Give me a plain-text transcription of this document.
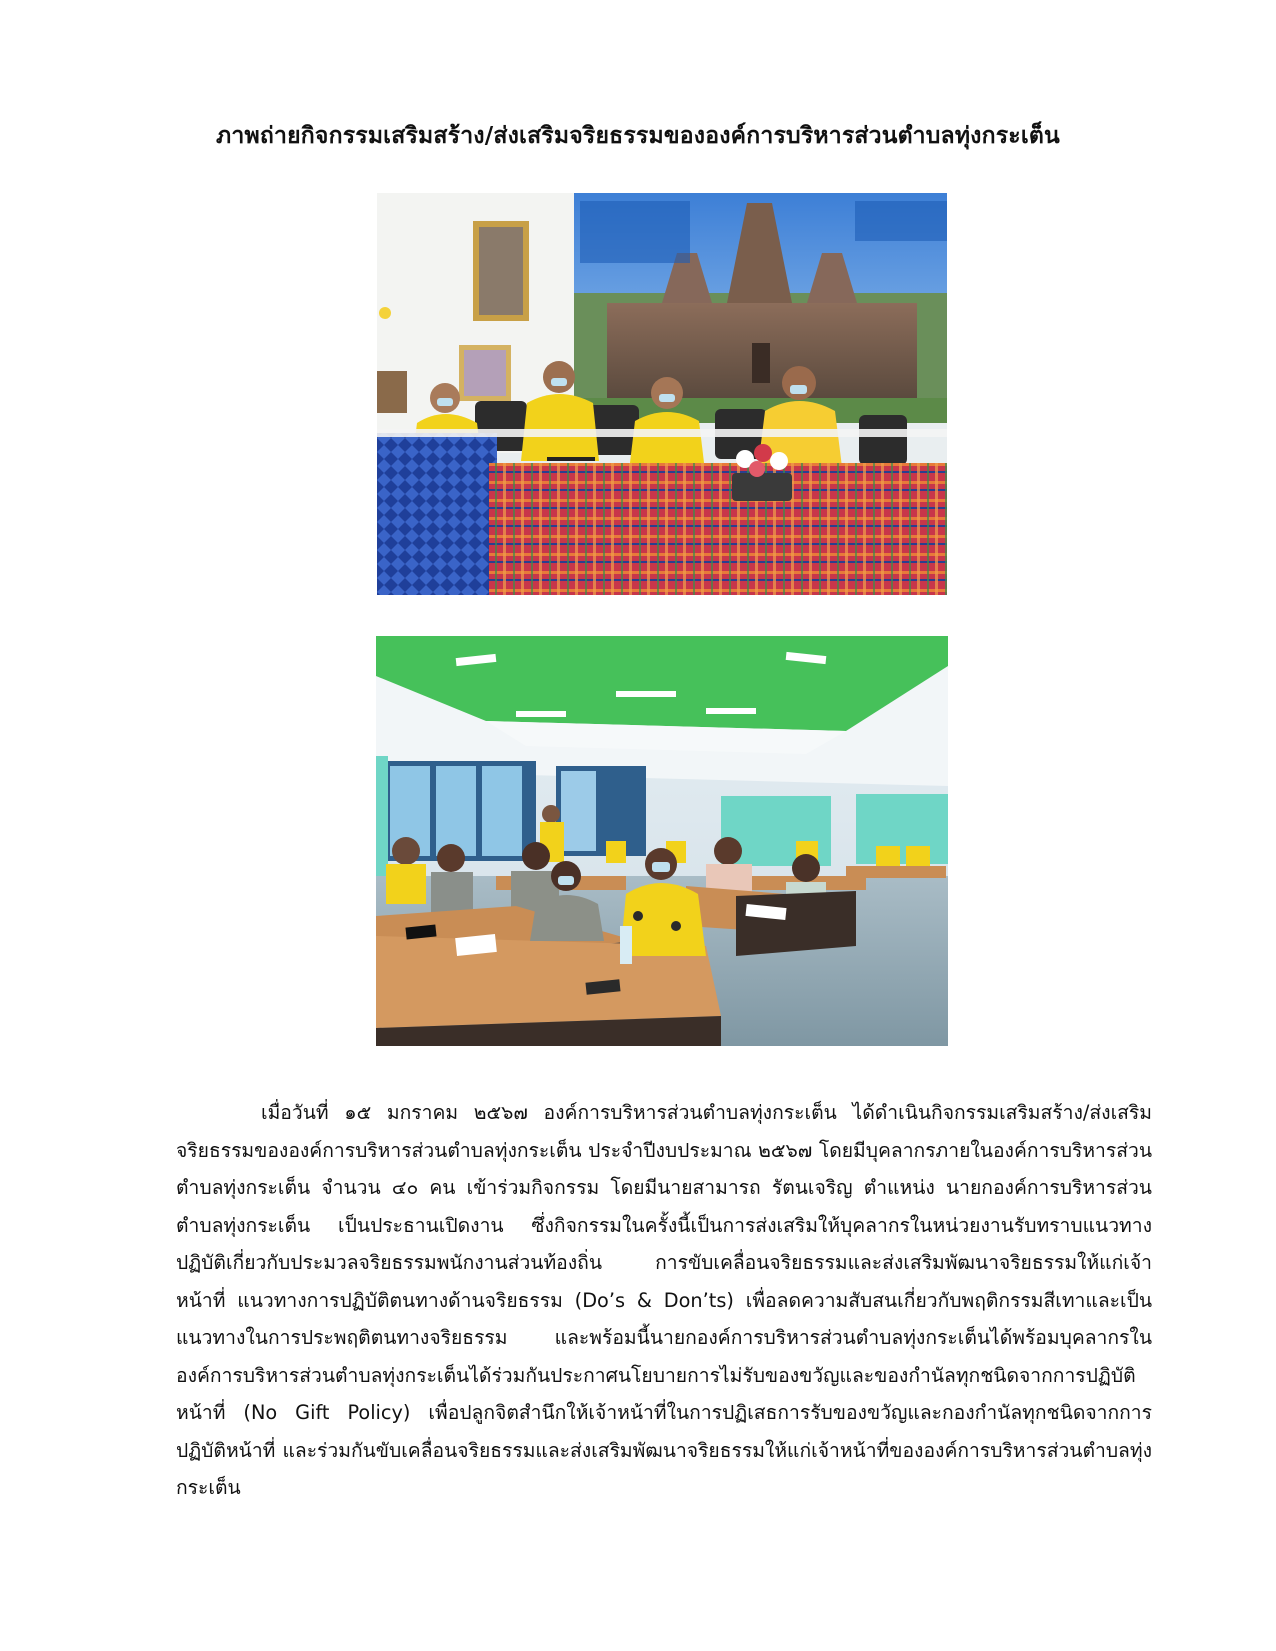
ภาพถ่ายกิจกรรมเสริมสร้าง/ส่งเสริมจริยธรรมขององค์การบริหารส่วนตำบลทุ่งกระเต็น

เมื่อวันที่ ๑๕ มกราคม ๒๕๖๗ องค์การบริหารส่วนตำบลทุ่งกระเต็น ได้ดำเนินกิจกรรมเสริมสร้าง/ส่งเสริมจริยธรรมขององค์การบริหารส่วนตำบลทุ่งกระเต็น ประจำปีงบประมาณ ๒๕๖๗ โดยมีบุคลากรภายในองค์การบริหารส่วนตำบลทุ่งกระเต็น จำนวน ๔๐ คน เข้าร่วมกิจกรรม โดยมีนายสามารถ รัตนเจริญ ตำแหน่ง นายกองค์การบริหารส่วนตำบลทุ่งกระเต็น เป็นประธานเปิดงาน ซึ่งกิจกรรมในครั้งนี้เป็นการส่งเสริมให้บุคลากรในหน่วยงานรับทราบแนวทางปฏิบัติเกี่ยวกับประมวลจริยธรรมพนักงานส่วนท้องถิ่น การขับเคลื่อนจริยธรรมและส่งเสริมพัฒนาจริยธรรมให้แก่เจ้าหน้าที่ แนวทางการปฏิบัติตนทางด้านจริยธรรม (Do’s & Don’ts) เพื่อลดความสับสนเกี่ยวกับพฤติกรรมสีเทาและเป็นแนวทางในการประพฤติตนทางจริยธรรม และพร้อมนี้นายกองค์การบริหารส่วนตำบลทุ่งกระเต็นได้พร้อมบุคลากรในองค์การบริหารส่วนตำบลทุ่งกระเต็นได้ร่วมกันประกาศนโยบายการไม่รับของขวัญและของกำนัลทุกชนิดจากการปฏิบัติหน้าที่ (No Gift Policy) เพื่อปลูกจิตสำนึกให้เจ้าหน้าที่ในการปฏิเสธการรับของขวัญและกองกำนัลทุกชนิดจากการปฏิบัติหน้าที่ และร่วมกันขับเคลื่อนจริยธรรมและส่งเสริมพัฒนาจริยธรรมให้แก่เจ้าหน้าที่ขององค์การบริหารส่วนตำบลทุ่งกระเต็น
